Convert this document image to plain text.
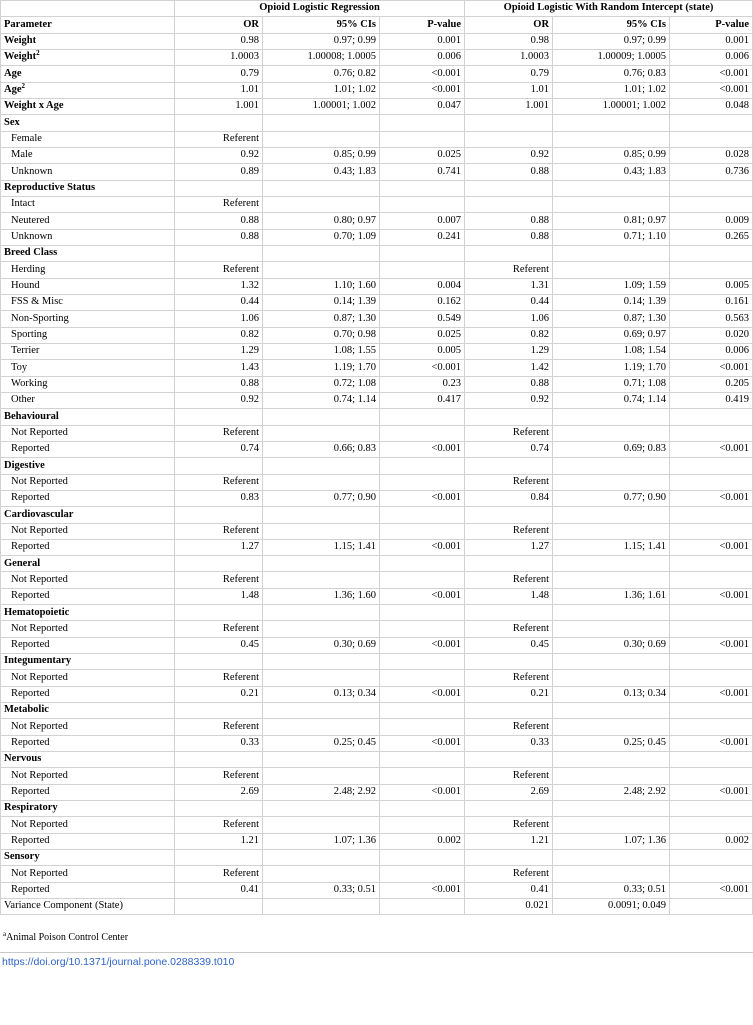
	Opioid Logistic Regression			Opioid Logistic With Random Intercept (state)		
Parameter	OR	95% CIs	P-value	OR	95% CIs	P-value
Weight	0.98	0.97; 0.99	0.001	0.98	0.97; 0.99	0.001
Weight$^2$	1.0003	1.00008; 1.0005	0.006	1.0003	1.00009; 1.0005	0.006
Age	0.79	0.76; 0.82	<0.001	0.79	0.76; 0.83	<0.001
Age$^2$	1.01	1.01; 1.02	<0.001	1.01	1.01; 1.02	<0.001
Weight x Age	1.001	1.00001; 1.002	0.047	1.001	1.00001; 1.002	0.048
Sex						
Female	Referent					
Male	0.92	0.85; 0.99	0.025	0.92	0.85; 0.99	0.028
Unknown	0.89	0.43; 1.83	0.741	0.88	0.43; 1.83	0.736
Reproductive Status						
Intact	Referent					
Neutered	0.88	0.80; 0.97	0.007	0.88	0.81; 0.97	0.009
Unknown	0.88	0.70; 1.09	0.241	0.88	0.71; 1.10	0.265
Breed Class						
Herding	Referent			Referent		
Hound	1.32	1.10; 1.60	0.004	1.31	1.09; 1.59	0.005
FSS & Misc	0.44	0.14; 1.39	0.162	0.44	0.14; 1.39	0.161
Non-Sporting	1.06	0.87; 1.30	0.549	1.06	0.87; 1.30	0.563
Sporting	0.82	0.70; 0.98	0.025	0.82	0.69; 0.97	0.020
Terrier	1.29	1.08; 1.55	0.005	1.29	1.08; 1.54	0.006
Toy	1.43	1.19; 1.70	<0.001	1.42	1.19; 1.70	<0.001
Working	0.88	0.72; 1.08	0.23	0.88	0.71; 1.08	0.205
Other	0.92	0.74; 1.14	0.417	0.92	0.74; 1.14	0.419
Behavioural						
Not Reported	Referent			Referent		
Reported	0.74	0.66; 0.83	<0.001	0.74	0.69; 0.83	<0.001
Digestive						
Not Reported	Referent			Referent		
Reported	0.83	0.77; 0.90	<0.001	0.84	0.77; 0.90	<0.001
Cardiovascular						
Not Reported	Referent			Referent		
Reported	1.27	1.15; 1.41	<0.001	1.27	1.15; 1.41	<0.001
General						
Not Reported	Referent			Referent		
Reported	1.48	1.36; 1.60	<0.001	1.48	1.36; 1.61	<0.001
Hematopoietic						
Not Reported	Referent			Referent		
Reported	0.45	0.30; 0.69	<0.001	0.45	0.30; 0.69	<0.001
Integumentary						
Not Reported	Referent			Referent		
Reported	0.21	0.13; 0.34	<0.001	0.21	0.13; 0.34	<0.001
Metabolic						
Not Reported	Referent			Referent		
Reported	0.33	0.25; 0.45	<0.001	0.33	0.25; 0.45	<0.001
Nervous						
Not Reported	Referent			Referent		
Reported	2.69	2.48; 2.92	<0.001	2.69	2.48; 2.92	<0.001
Respiratory						
Not Reported	Referent			Referent		
Reported	1.21	1.07; 1.36	0.002	1.21	1.07; 1.36	0.002
Sensory						
Not Reported	Referent			Referent		
Reported	0.41	0.33; 0.51	<0.001	0.41	0.33; 0.51	<0.001
Variance Component (State)				0.021	0.0091; 0.049	
$^a$Animal Poison Control Center
https://doi.org/10.1371/journal.pone.0288339.t010
